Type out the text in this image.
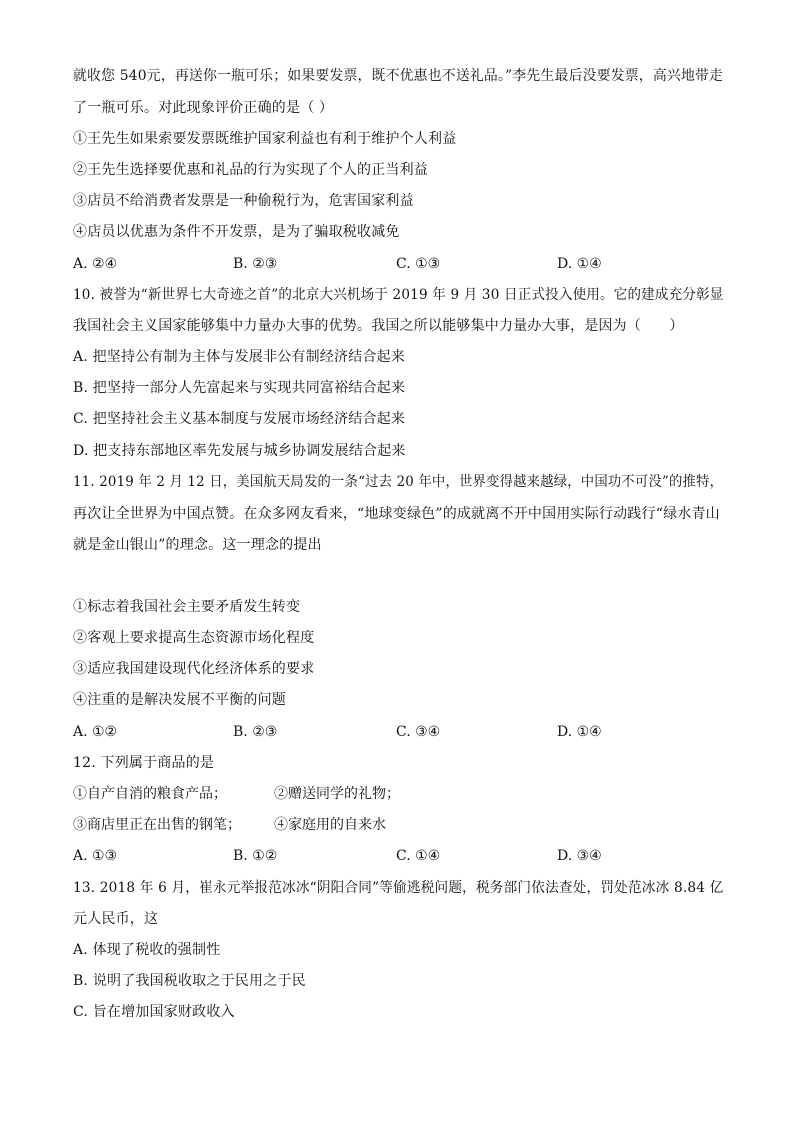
就收您 540元，再送你一瓶可乐；如果要发票，既不优惠也不送礼品。”李先生最后没要发票，高兴地带走
了一瓶可乐。对此现象评价正确的是（ ）
①王先生如果索要发票既维护国家利益也有利于维护个人利益
②王先生选择要优惠和礼品的行为实现了个人的正当利益
③店员不给消费者发票是一种偷税行为，危害国家利益
④店员以优惠为条件不开发票，是为了骗取税收减免
A. ②④	B. ②③	C. ①③	D. ①④
10. 被誉为“新世界七大奇迹之首”的北京大兴机场于 2019 年 9 月 30 日正式投入使用。它的建成充分彰显
我国社会主义国家能够集中力量办大事的优势。我国之所以能够集中力量办大事，是因为（　　）
A. 把坚持公有制为主体与发展非公有制经济结合起来
B. 把坚持一部分人先富起来与实现共同富裕结合起来
C. 把坚持社会主义基本制度与发展市场经济结合起来
D. 把支持东部地区率先发展与城乡协调发展结合起来
11. 2019 年 2 月 12 日，美国航天局发的一条“过去 20 年中，世界变得越来越绿，中国功不可没”的推特，
再次让全世界为中国点赞。在众多网友看来，“地球变绿色”的成就离不开中国用实际行动践行“绿水青山
就是金山银山”的理念。这一理念的提出
①标志着我国社会主要矛盾发生转变
②客观上要求提高生态资源市场化程度
③适应我国建设现代化经济体系的要求
④注重的是解决发展不平衡的问题
A. ①②	B. ②③	C. ③④	D. ①④
12. 下列属于商品的是
①自产自消的粮食产品；	②赠送同学的礼物；
③商店里正在出售的钢笔； ④家庭用的自来水
A. ①③	B. ①②	C. ①④	D. ③④
13. 2018 年 6 月，崔永元举报范冰冰“阴阳合同”等偷逃税问题，税务部门依法查处，罚处范冰冰 8.84 亿
元人民币，这
A. 体现了税收的强制性
B. 说明了我国税收取之于民用之于民
C. 旨在增加国家财政收入
